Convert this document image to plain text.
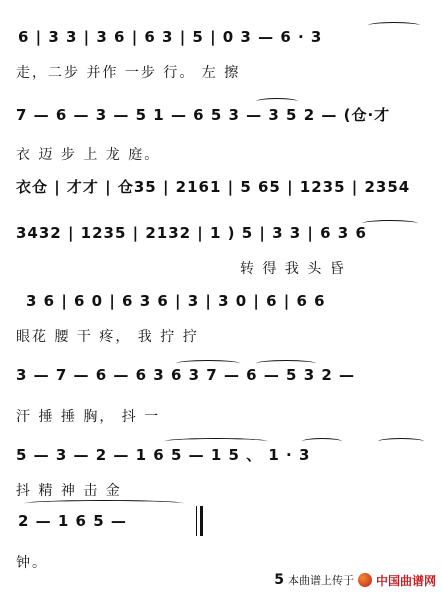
6 | 3 3 | 3 6 | 6 3 | 5 | 0 3 — 6 · 3
走，二步 并作 一步 行。 左 擦
7 — 6 — 3 — 5 1 — 6 5 3 — 3 5 2 — (仓·才
衣 迈 步 上 龙 庭。
衣仓 | 才才 | 仓35 | 2161 | 5 65 | 1235 | 2354
3432 | 1235 | 2132 | 1 ) 5 | 3 3 | 6 3 6
转 得 我 头 昏
3 6 | 6 0 | 6 3 6 | 3 | 3 0 | 6 | 6 6
眼花 腰 干 疼， 我 拧 拧
3 — 7 — 6 — 6 3 6 3 7 — 6 — 5 3 2 —
汗 捶 捶 胸， 抖 一
5 — 3 — 2 — 1 6 5 — 1 5 、 1 · 3
抖 精 神 击 金
2 — 1 6 5 —
钟。
5 本曲谱上传于 中国曲谱网
